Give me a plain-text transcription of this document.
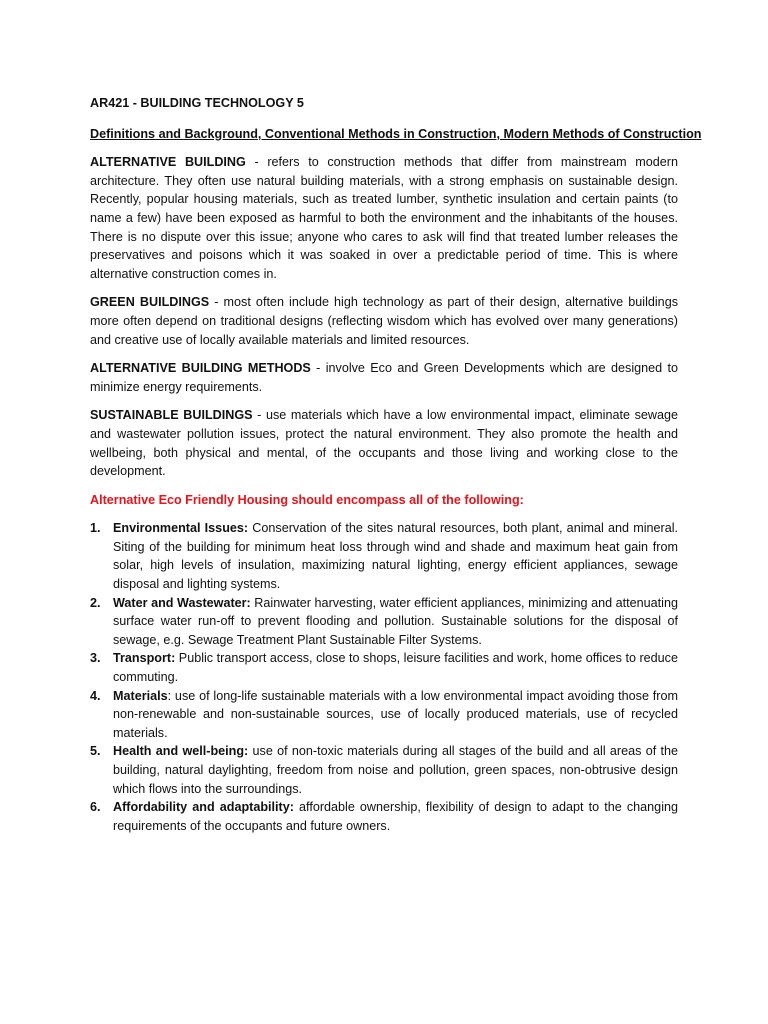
AR421 - BUILDING TECHNOLOGY 5

Definitions and Background, Conventional Methods in Construction, Modern Methods of Construction

ALTERNATIVE BUILDING - refers to construction methods that differ from mainstream modern architecture. They often use natural building materials, with a strong emphasis on sustainable design. Recently, popular housing materials, such as treated lumber, synthetic insulation and certain paints (to name a few) have been exposed as harmful to both the environment and the inhabitants of the houses. There is no dispute over this issue; anyone who cares to ask will find that treated lumber releases the preservatives and poisons which it was soaked in over a predictable period of time. This is where alternative construction comes in.

GREEN BUILDINGS - most often include high technology as part of their design, alternative buildings more often depend on traditional designs (reflecting wisdom which has evolved over many generations) and creative use of locally available materials and limited resources.

ALTERNATIVE BUILDING METHODS - involve Eco and Green Developments which are designed to minimize energy requirements.

SUSTAINABLE BUILDINGS - use materials which have a low environmental impact, eliminate sewage and wastewater pollution issues, protect the natural environment. They also promote the health and wellbeing, both physical and mental, of the occupants and those living and working close to the development.

Alternative Eco Friendly Housing should encompass all of the following:

1. Environmental Issues: Conservation of the sites natural resources, both plant, animal and mineral. Siting of the building for minimum heat loss through wind and shade and maximum heat gain from solar, high levels of insulation, maximizing natural lighting, energy efficient appliances, sewage disposal and lighting systems.
2. Water and Wastewater: Rainwater harvesting, water efficient appliances, minimizing and attenuating surface water run-off to prevent flooding and pollution. Sustainable solutions for the disposal of sewage, e.g. Sewage Treatment Plant Sustainable Filter Systems.
3. Transport: Public transport access, close to shops, leisure facilities and work, home offices to reduce commuting.
4. Materials: use of long-life sustainable materials with a low environmental impact avoiding those from non-renewable and non-sustainable sources, use of locally produced materials, use of recycled materials.
5. Health and well-being: use of non-toxic materials during all stages of the build and all areas of the building, natural daylighting, freedom from noise and pollution, green spaces, non-obtrusive design which flows into the surroundings.
6. Affordability and adaptability: affordable ownership, flexibility of design to adapt to the changing requirements of the occupants and future owners.
